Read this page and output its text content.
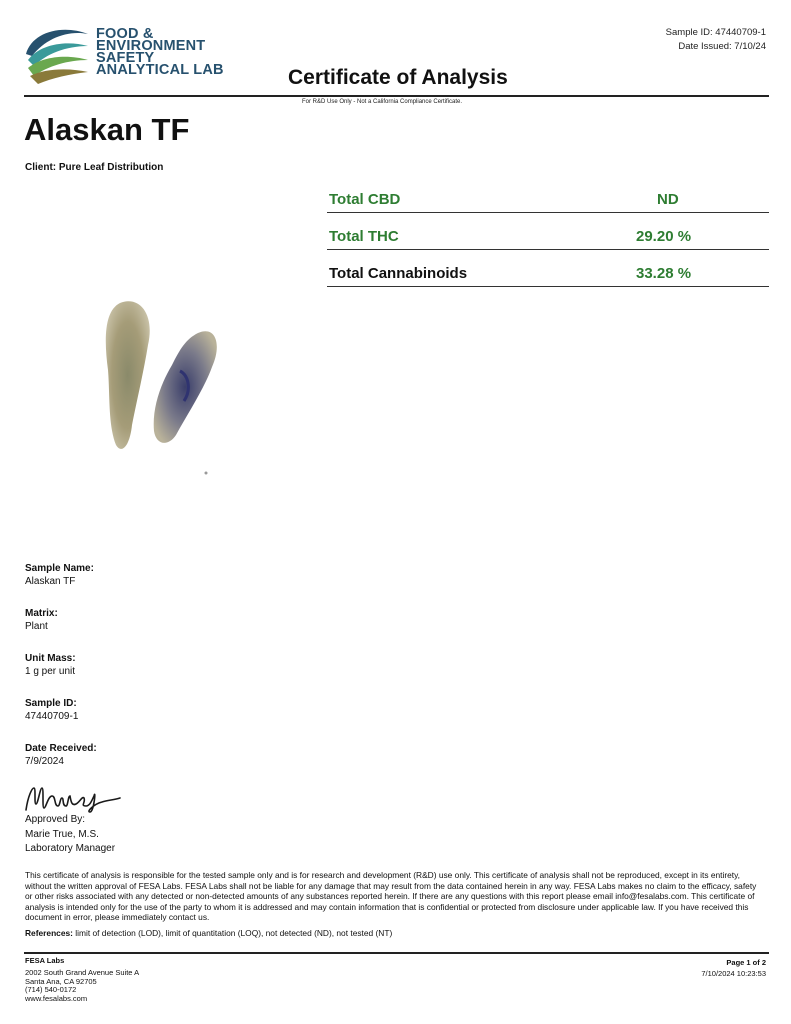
FOOD &
ENVIRONMENT
SAFETY
ANALYTICAL LAB
Sample ID: 47440709-1
Date Issued: 7/10/24
Certificate of Analysis
For R&D Use Only - Not a California Compliance Certificate.
Alaskan TF
Client: Pure Leaf Distribution
Total CBD	ND
Total THC	29.20 %
Total Cannabinoids	33.28 %
Sample Name:
Alaskan TF
Matrix:
Plant
Unit Mass:
1 g per unit
Sample ID:
47440709-1
Date Received:
7/9/2024
Approved By:
Marie True, M.S.
Laboratory Manager
This certificate of analysis is responsible for the tested sample only and is for research and development (R&D) use only. This certificate of analysis shall not be reproduced, except in its entirety, without the written approval of FESA Labs. FESA Labs shall not be liable for any damage that may result from the data contained herein in any way. FESA Labs makes no claim to the efficacy, safety or other risks associated with any detected or non-detected amounts of any substances reported herein. If there are any questions with this report please email info@fesalabs.com. This certificate of analysis is intended only for the use of the party to whom it is addressed and may contain information that is confidential or protected from disclosure under applicable law. If you have received this document in error, please immediately contact us.
References: limit of detection (LOD), limit of quantitation (LOQ), not detected (ND), not tested (NT)
FESA Labs
2002 South Grand Avenue Suite A
Santa Ana, CA 92705
(714) 540-0172
www.fesalabs.com
Page 1 of 2
7/10/2024 10:23:53
